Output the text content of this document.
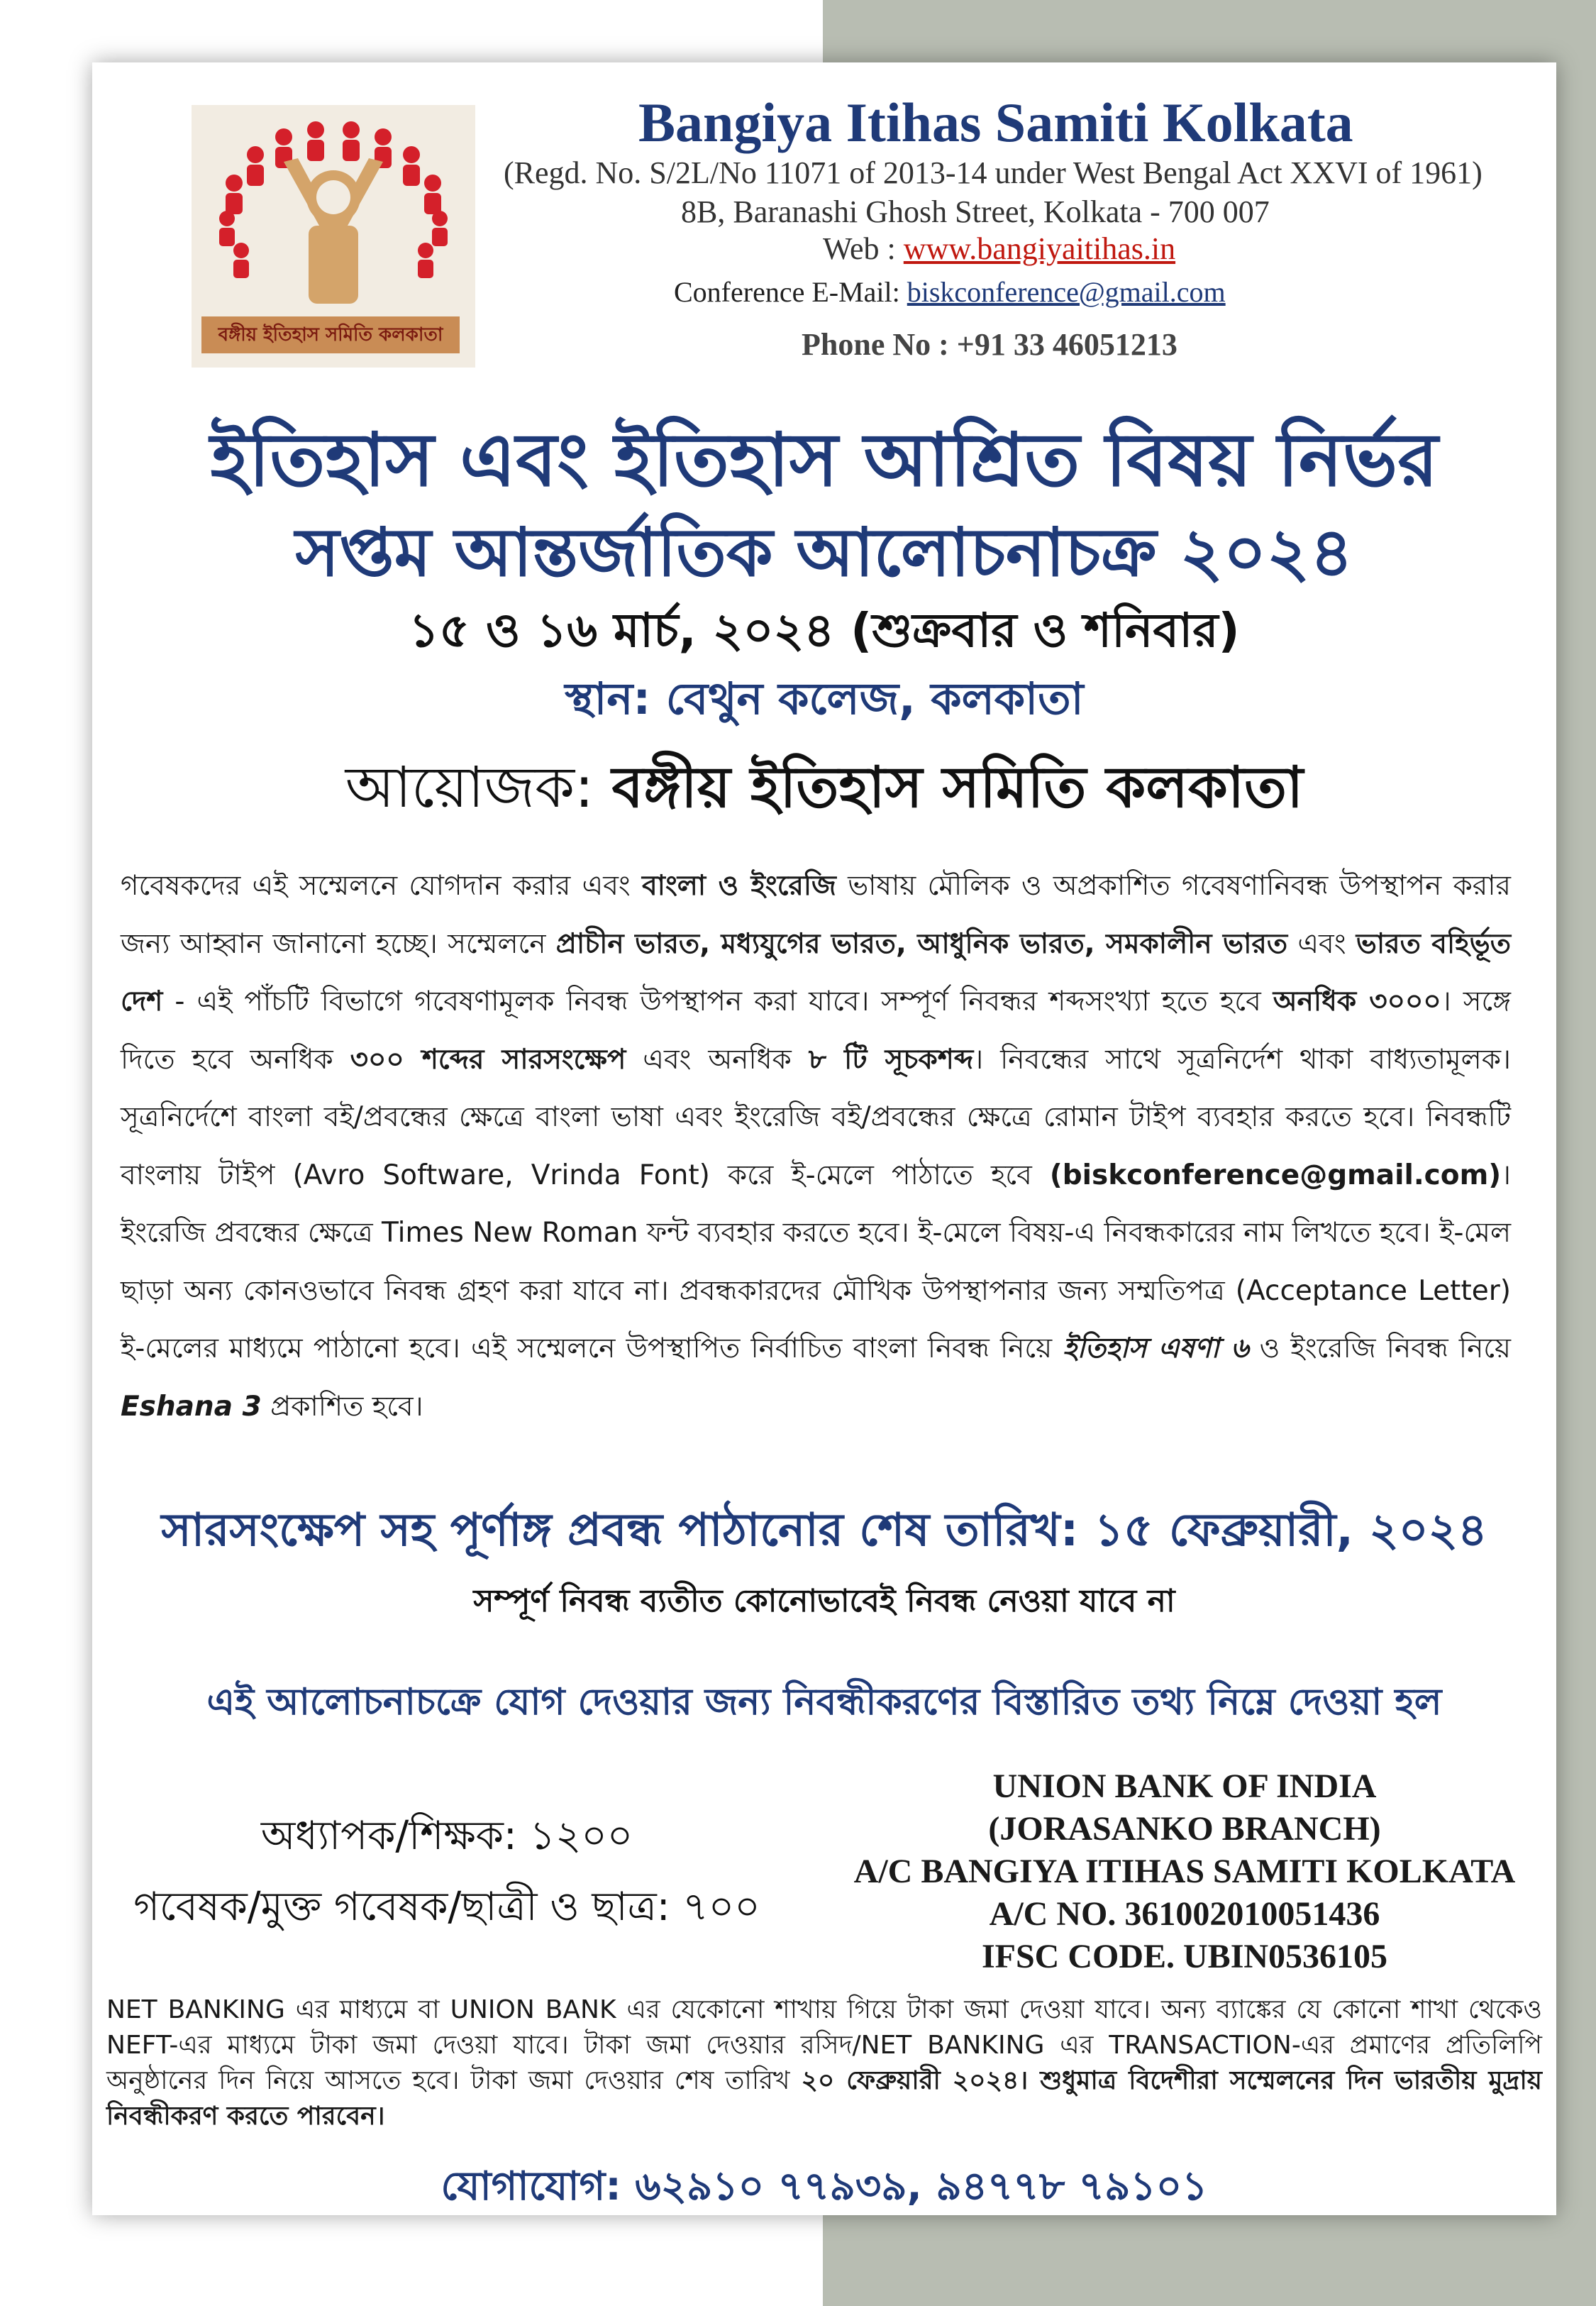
বঙ্গীয় ইতিহাস সমিতি কলকাতা
Bangiya Itihas Samiti Kolkata
(Regd. No. S/2L/No 11071 of 2013-14 under West Bengal Act XXVI of 1961)
8B, Baranashi Ghosh Street, Kolkata - 700 007
Web : www.bangiyaitihas.in
Conference E-Mail: biskconference@gmail.com
Phone No : +91 33 46051213
ইতিহাস এবং ইতিহাস আশ্রিত বিষয় নির্ভর
সপ্তম আন্তর্জাতিক আলোচনাচক্র ২০২৪
১৫ ও ১৬ মার্চ, ২০২৪ (শুক্রবার ও শনিবার)
স্থান: বেথুন কলেজ, কলকাতা
আয়োজক: বঙ্গীয় ইতিহাস সমিতি কলকাতা
গবেষকদের এই সম্মেলনে যোগদান করার এবং বাংলা ও ইংরেজি ভাষায় মৌলিক ও অপ্রকাশিত গবেষণানিবন্ধ উপস্থাপন করার জন্য আহ্বান জানানো হচ্ছে। সম্মেলনে প্রাচীন ভারত, মধ্যযুগের ভারত, আধুনিক ভারত, সমকালীন ভারত এবং ভারত বহির্ভূত দেশ - এই পাঁচটি বিভাগে গবেষণামূলক নিবন্ধ উপস্থাপন করা যাবে। সম্পূর্ণ নিবন্ধর শব্দসংখ্যা হতে হবে অনধিক ৩০০০। সঙ্গে দিতে হবে অনধিক ৩০০ শব্দের সারসংক্ষেপ এবং অনধিক ৮ টি সূচকশব্দ। নিবন্ধের সাথে সূত্রনির্দেশ থাকা বাধ্যতামূলক। সূত্রনির্দেশে বাংলা বই/প্রবন্ধের ক্ষেত্রে বাংলা ভাষা এবং ইংরেজি বই/প্রবন্ধের ক্ষেত্রে রোমান টাইপ ব্যবহার করতে হবে। নিবন্ধটি বাংলায় টাইপ (Avro Software, Vrinda Font) করে ই-মেলে পাঠাতে হবে (biskconference@gmail.com)। ইংরেজি প্রবন্ধের ক্ষেত্রে Times New Roman ফন্ট ব্যবহার করতে হবে। ই-মেলে বিষয়-এ নিবন্ধকারের নাম লিখতে হবে। ই-মেল ছাড়া অন্য কোনওভাবে নিবন্ধ গ্রহণ করা যাবে না। প্রবন্ধকারদের মৌখিক উপস্থাপনার জন্য সম্মতিপত্র (Acceptance Letter) ই-মেলের মাধ্যমে পাঠানো হবে। এই সম্মেলনে উপস্থাপিত নির্বাচিত বাংলা নিবন্ধ নিয়ে ইতিহাস এষণা ৬ ও ইংরেজি নিবন্ধ নিয়ে Eshana 3 প্রকাশিত হবে।
সারসংক্ষেপ সহ পূর্ণাঙ্গ প্রবন্ধ পাঠানোর শেষ তারিখ: ১৫ ফেব্রুয়ারী, ২০২৪
সম্পূর্ণ নিবন্ধ ব্যতীত কোনোভাবেই নিবন্ধ নেওয়া যাবে না
এই আলোচনাচক্রে যোগ দেওয়ার জন্য নিবন্ধীকরণের বিস্তারিত তথ্য নিম্নে দেওয়া হল
অধ্যাপক/শিক্ষক: ১২০০
গবেষক/মুক্ত গবেষক/ছাত্রী ও ছাত্র: ৭০০
UNION BANK OF INDIA
(JORASANKO BRANCH)
A/C BANGIYA ITIHAS SAMITI KOLKATA
A/C NO. 361002010051436
IFSC CODE. UBIN0536105
NET BANKING এর মাধ্যমে বা UNION BANK এর যেকোনো শাখায় গিয়ে টাকা জমা দেওয়া যাবে। অন্য ব্যাঙ্কের যে কোনো শাখা থেকেও NEFT-এর মাধ্যমে টাকা জমা দেওয়া যাবে। টাকা জমা দেওয়ার রসিদ/NET BANKING এর TRANSACTION-এর প্রমাণের প্রতিলিপি অনুষ্ঠানের দিন নিয়ে আসতে হবে। টাকা জমা দেওয়ার শেষ তারিখ ২০ ফেব্রুয়ারী ২০২৪। শুধুমাত্র বিদেশীরা সম্মেলনের দিন ভারতীয় মুদ্রায় নিবন্ধীকরণ করতে পারবেন।
যোগাযোগ: ৬২৯১০ ৭৭৯৩৯, ৯৪৭৭৮ ৭৯১০১
